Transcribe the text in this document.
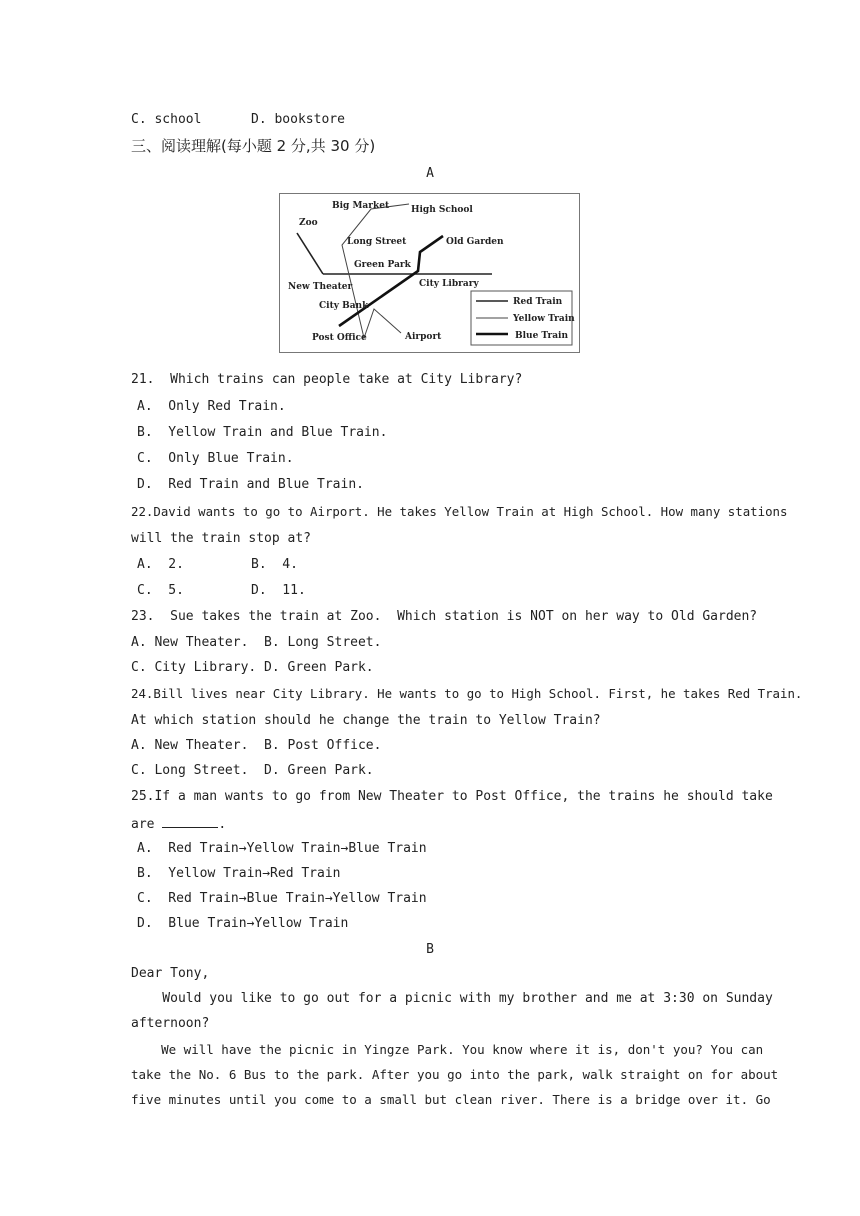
C. school	D. bookstore
三、阅读理解(每小题 2 分,共 30 分)
A
Zoo
Big Market High School
Long Street	Old Garden
Green Park
New Theater	City Library
City Bank
Post Office	Airport
Red Train
Yellow Train
Blue Train
21.  Which trains can people take at City Library?
A.  Only Red Train.
B.  Yellow Train and Blue Train.
C.  Only Blue Train.
D.  Red Train and Blue Train.
22.David wants to go to Airport. He takes Yellow Train at High School. How many stations
will the train stop at?
A.  2.	B.  4.
C.  5.	D.  11.
23.  Sue takes the train at Zoo.  Which station is NOT on her way to Old Garden?
A. New Theater.  B. Long Street.
C. City Library. D. Green Park.
24.Bill lives near City Library. He wants to go to High School. First, he takes Red Train.
At which station should he change the train to Yellow Train?
A. New Theater.  B. Post Office.
C. Long Street.  D. Green Park.
25.If a man wants to go from New Theater to Post Office, the trains he should take
are	.
A.  Red Train→Yellow Train→Blue Train
B.  Yellow Train→Red Train
C.  Red Train→Blue Train→Yellow Train
D.  Blue Train→Yellow Train
B
Dear Tony,
Would you like to go out for a picnic with my brother and me at 3:30 on Sunday
afternoon?
We will have the picnic in Yingze Park. You know where it is, don't you? You can
take the No. 6 Bus to the park. After you go into the park, walk straight on for about
five minutes until you come to a small but clean river. There is a bridge over it. Go
